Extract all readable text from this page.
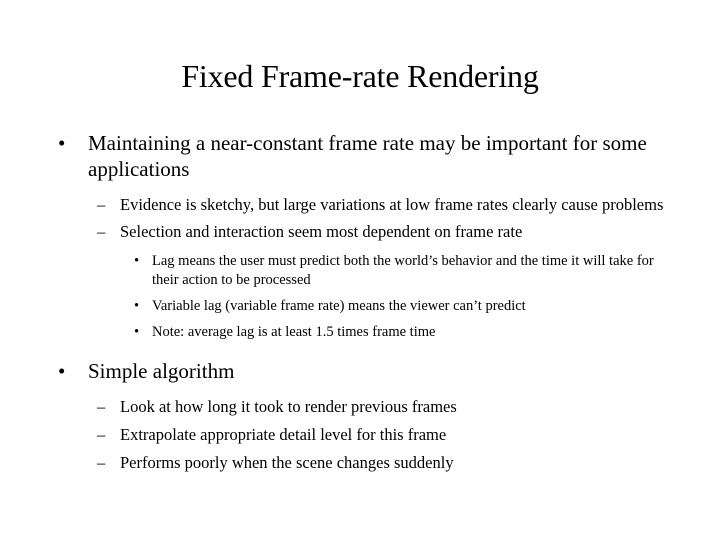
Fixed Frame-rate Rendering
• Maintaining a near-constant frame rate may be important for some applications
– Evidence is sketchy, but large variations at low frame rates clearly cause problems
– Selection and interaction seem most dependent on frame rate
• Lag means the user must predict both the world’s behavior and the time it will take for their action to be processed
• Variable lag (variable frame rate) means the viewer can’t predict
• Note: average lag is at least 1.5 times frame time
• Simple algorithm
– Look at how long it took to render previous frames
– Extrapolate appropriate detail level for this frame
– Performs poorly when the scene changes suddenly
